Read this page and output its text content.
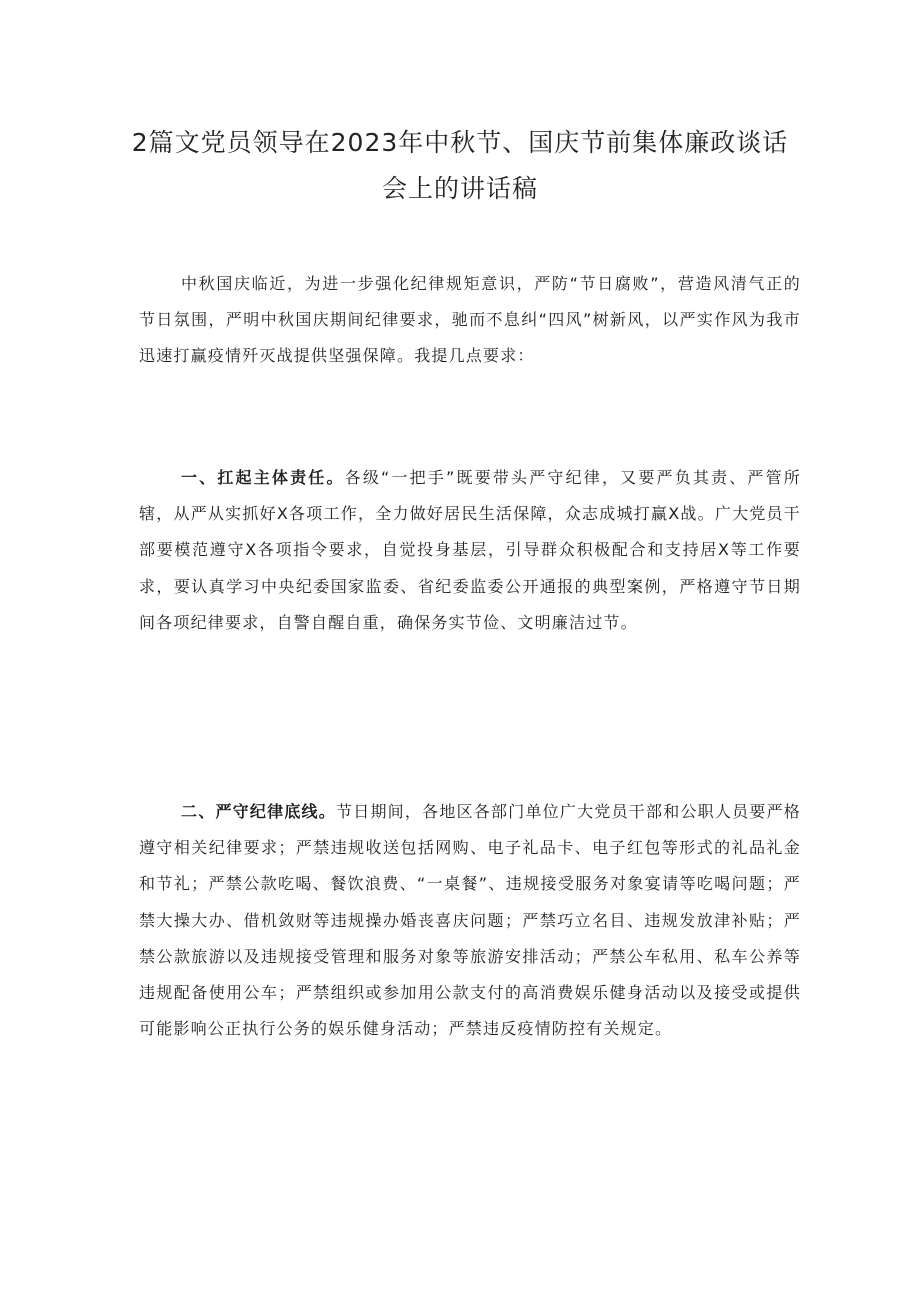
2篇文党员领导在2023年中秋节、国庆节前集体廉政谈话会上的讲话稿

中秋国庆临近，为进一步强化纪律规矩意识，严防“节日腐败”，营造风清气正的节日氛围，严明中秋国庆期间纪律要求，驰而不息纠“四风”树新风，以严实作风为我市迅速打赢疫情歼灭战提供坚强保障。我提几点要求：

一、扛起主体责任。各级“一把手”既要带头严守纪律，又要严负其责、严管所辖，从严从实抓好X各项工作，全力做好居民生活保障，众志成城打赢X战。广大党员干部要模范遵守X各项指令要求，自觉投身基层，引导群众积极配合和支持居X等工作要求，要认真学习中央纪委国家监委、省纪委监委公开通报的典型案例，严格遵守节日期间各项纪律要求，自警自醒自重，确保务实节俭、文明廉洁过节。

二、严守纪律底线。节日期间，各地区各部门单位广大党员干部和公职人员要严格遵守相关纪律要求；严禁违规收送包括网购、电子礼品卡、电子红包等形式的礼品礼金和节礼；严禁公款吃喝、餐饮浪费、“一桌餐”、违规接受服务对象宴请等吃喝问题；严禁大操大办、借机敛财等违规操办婚丧喜庆问题；严禁巧立名目、违规发放津补贴；严禁公款旅游以及违规接受管理和服务对象等旅游安排活动；严禁公车私用、私车公养等违规配备使用公车；严禁组织或参加用公款支付的高消费娱乐健身活动以及接受或提供可能影响公正执行公务的娱乐健身活动；严禁违反疫情防控有关规定。
